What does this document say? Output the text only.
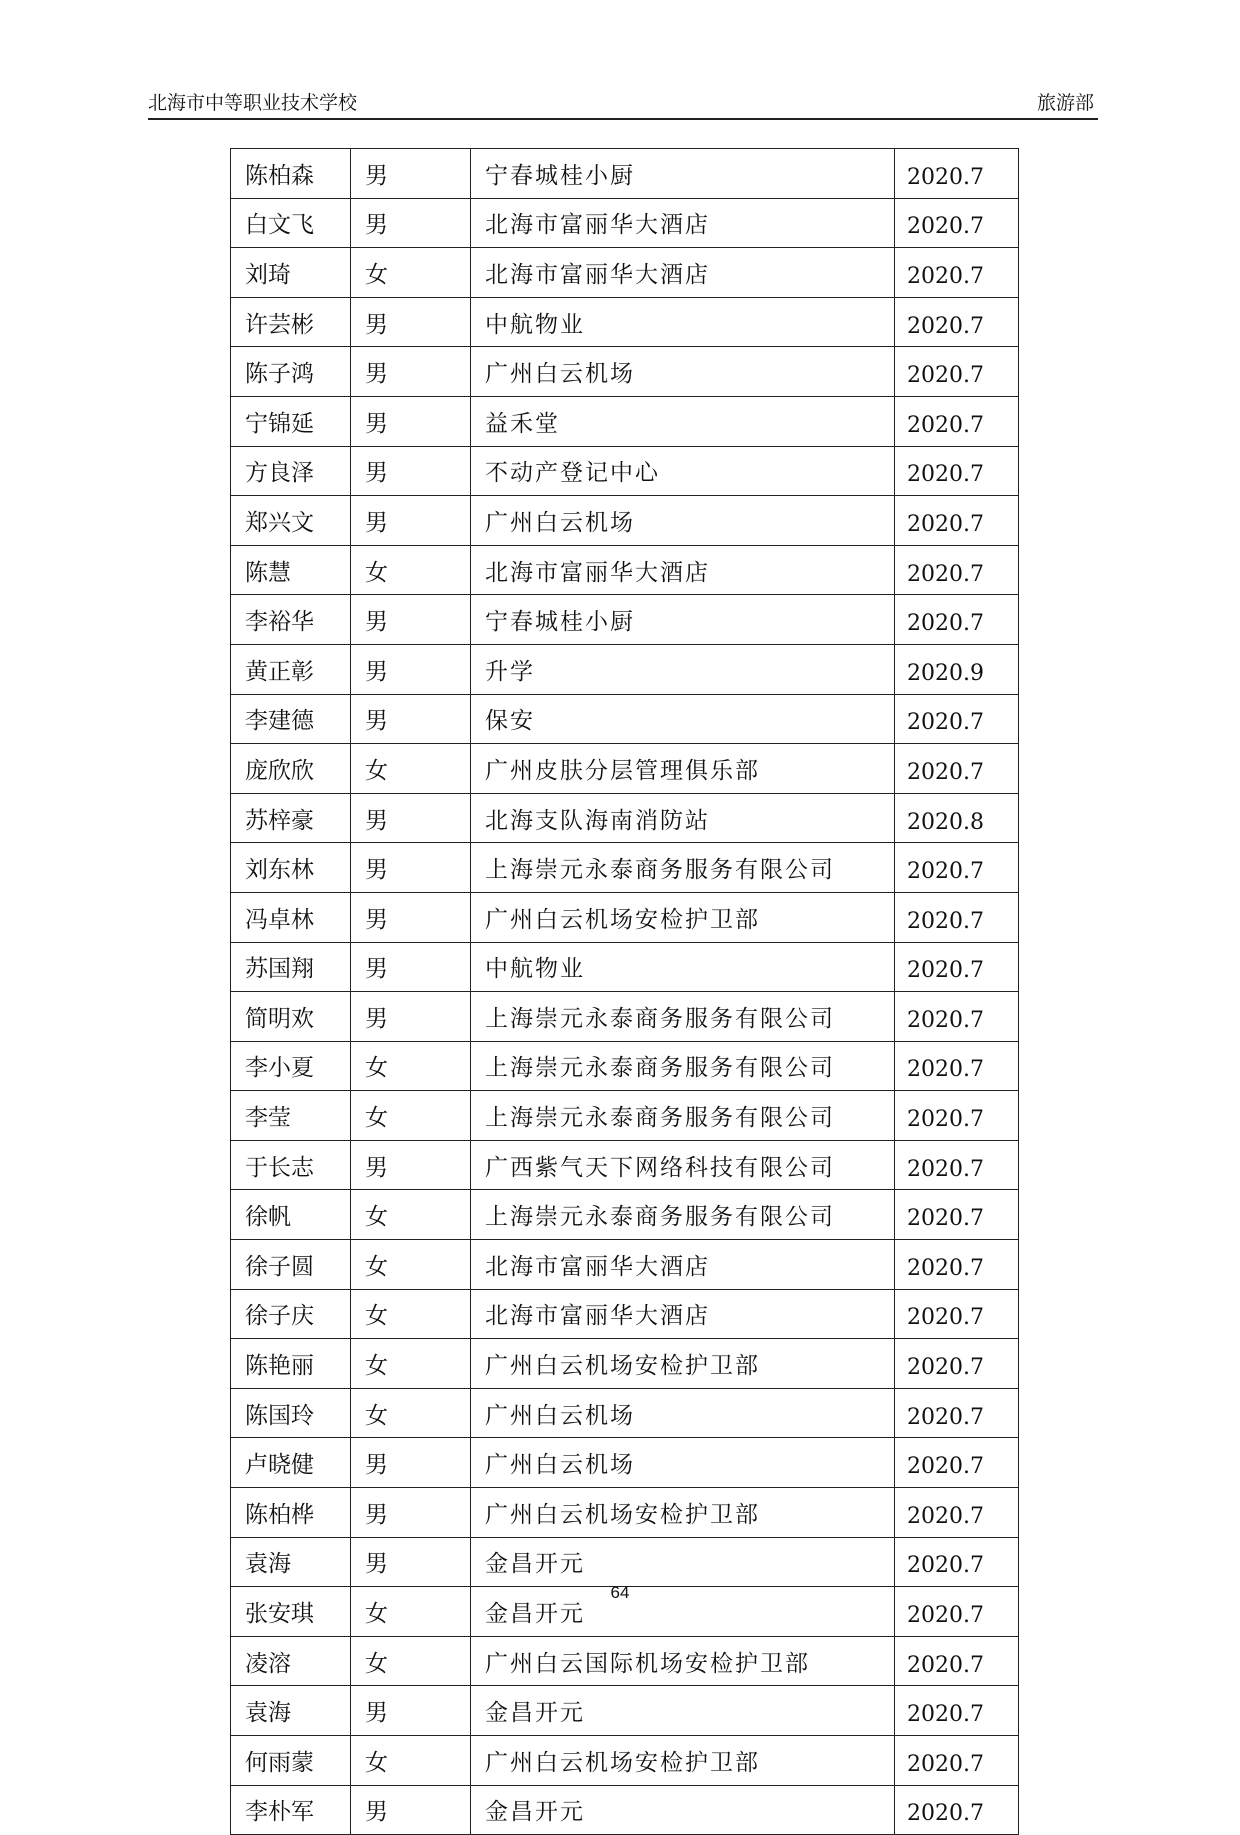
北海市中等职业技术学校	旅游部
陈柏森	男	宁春城桂小厨	2020.7
白文飞	男	北海市富丽华大酒店	2020.7
刘琦	女	北海市富丽华大酒店	2020.7
许芸彬	男	中航物业	2020.7
陈子鸿	男	广州白云机场	2020.7
宁锦延	男	益禾堂	2020.7
方良泽	男	不动产登记中心	2020.7
郑兴文	男	广州白云机场	2020.7
陈慧	女	北海市富丽华大酒店	2020.7
李裕华	男	宁春城桂小厨	2020.7
黄正彰	男	升学	2020.9
李建德	男	保安	2020.7
庞欣欣	女	广州皮肤分层管理俱乐部	2020.7
苏梓豪	男	北海支队海南消防站	2020.8
刘东林	男	上海崇元永泰商务服务有限公司	2020.7
冯卓林	男	广州白云机场安检护卫部	2020.7
苏国翔	男	中航物业	2020.7
简明欢	男	上海崇元永泰商务服务有限公司	2020.7
李小夏	女	上海崇元永泰商务服务有限公司	2020.7
李莹	女	上海崇元永泰商务服务有限公司	2020.7
于长志	男	广西紫气天下网络科技有限公司	2020.7
徐帆	女	上海崇元永泰商务服务有限公司	2020.7
徐子圆	女	北海市富丽华大酒店	2020.7
徐子庆	女	北海市富丽华大酒店	2020.7
陈艳丽	女	广州白云机场安检护卫部	2020.7
陈国玲	女	广州白云机场	2020.7
卢晓健	男	广州白云机场	2020.7
陈柏桦	男	广州白云机场安检护卫部	2020.7
袁海	男	金昌开元	2020.7
张安琪	女	金昌开元	2020.7
凌溶	女	广州白云国际机场安检护卫部	2020.7
袁海	男	金昌开元	2020.7
何雨蒙	女	广州白云机场安检护卫部	2020.7
李朴军	男	金昌开元	2020.7
64
